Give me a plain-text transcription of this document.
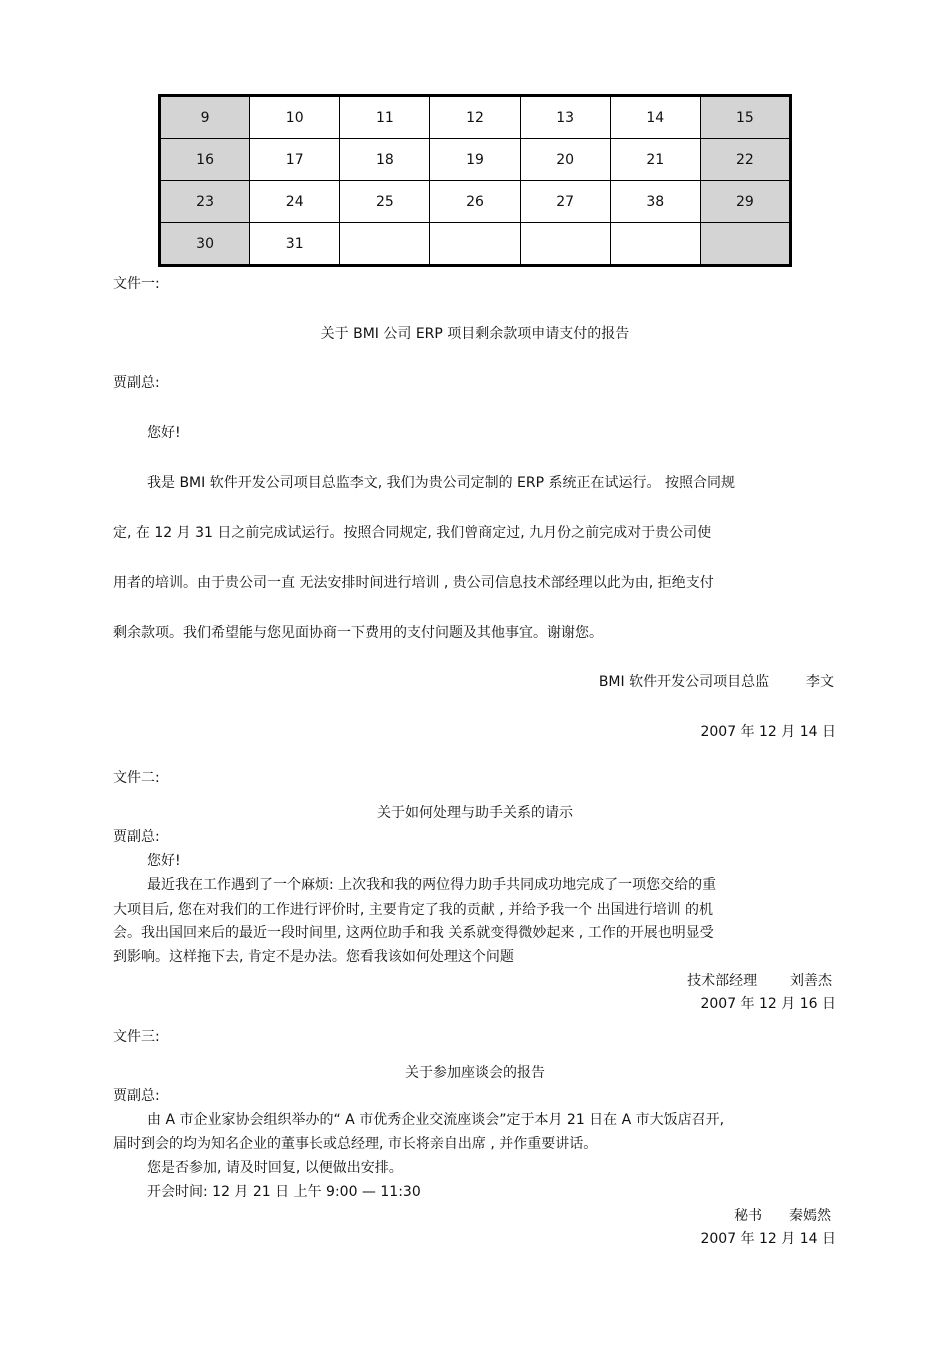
9	10	11	12	13	14	15
16	17	18	19	20	21	22
23	24	25	26	27	38	29
30	31					
文件一:
关于 BMI 公司 ERP 项目剩余款项申请支付的报告
贾副总:
您好!
我是 BMI 软件开发公司项目总监李文, 我们为贵公司定制的 ERP 系统正在试运行。 按照合同规
定, 在 12 月 31 日之前完成试运行。按照合同规定, 我们曾商定过, 九月份之前完成对于贵公司使
用者的培训。由于贵公司一直 无法安排时间进行培训 , 贵公司信息技术部经理以此为由, 拒绝支付
剩余款项。我们希望能与您见面协商一下费用的支付问题及其他事宜。谢谢您。
BMI 软件开发公司项目总监	李文
2007 年 12 月 14 日
文件二:
关于如何处理与助手关系的请示
贾副总:
您好!
最近我在工作遇到了一个麻烦: 上次我和我的两位得力助手共同成功地完成了一项您交给的重
大项目后, 您在对我们的工作进行评价时, 主要肯定了我的贡献 , 并给予我一个 出国进行培训 的机
会。我出国回来后的最近一段时间里, 这两位助手和我 关系就变得微妙起来 , 工作的开展也明显受
到影响。这样拖下去, 肯定不是办法。您看我该如何处理这个问题
技术部经理 刘善杰
2007 年 12 月 16 日
文件三:
关于参加座谈会的报告
贾副总:
由 A 市企业家协会组织举办的“ A 市优秀企业交流座谈会”定于本月 21 日在 A 市大饭店召开,
届时到会的均为知名企业的董事长或总经理, 市长将亲自出席 , 并作重要讲话。
您是否参加, 请及时回复, 以便做出安排。
开会时间: 12 月 21 日 上午 9:00 — 11:30
秘书 秦嫣然
2007 年 12 月 14 日
